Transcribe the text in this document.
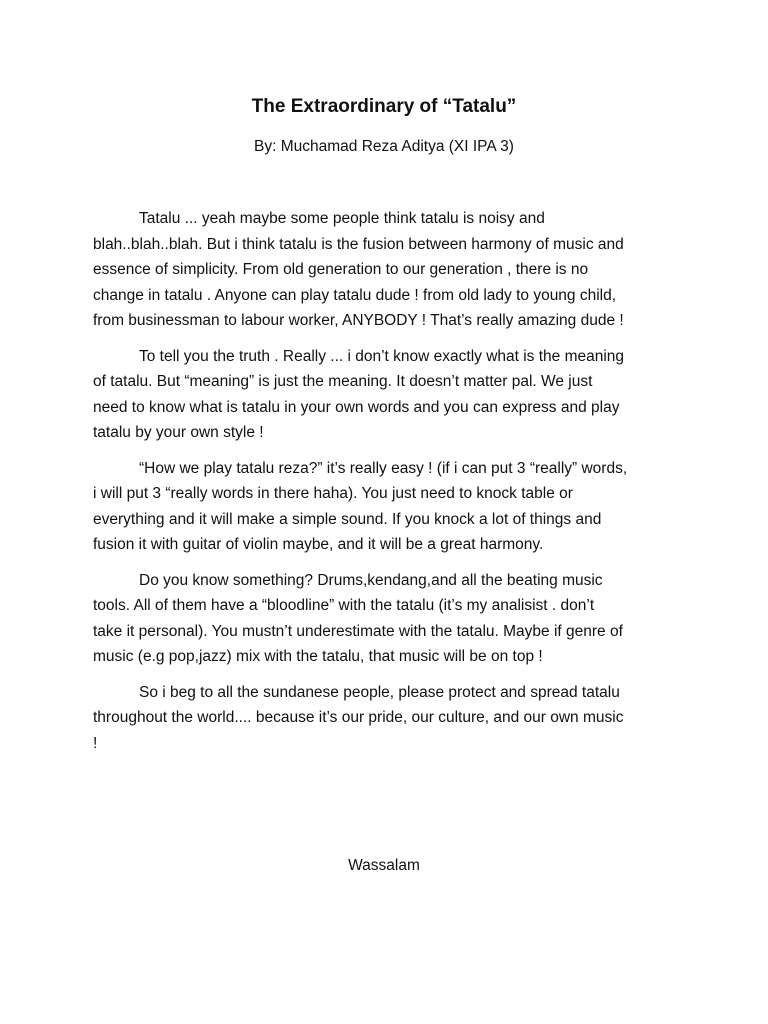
The Extraordinary of “Tatalu”
By: Muchamad Reza Aditya (XI IPA 3)

Tatalu ... yeah maybe some people think tatalu is noisy and
blah..blah..blah. But i think tatalu is the fusion between harmony of music and
essence of simplicity. From old generation to our generation , there is no
change in tatalu . Anyone can play tatalu dude ! from old lady to young child,
from businessman to labour worker, ANYBODY ! That’s really amazing dude !

To tell you the truth . Really ... i don’t know exactly what is the meaning
of tatalu. But “meaning” is just the meaning. It doesn’t matter pal. We just
need to know what is tatalu in your own words and you can express and play
tatalu by your own style !

“How we play tatalu reza?” it’s really easy ! (if i can put 3 “really” words,
i will put 3 “really words in there haha). You just need to knock table or
everything and it will make a simple sound. If you knock a lot of things and
fusion it with guitar of violin maybe, and it will be a great harmony.

Do you know something? Drums,kendang,and all the beating music
tools. All of them have a “bloodline” with the tatalu (it’s my analisist . don’t
take it personal). You mustn’t underestimate with the tatalu. Maybe if genre of
music (e.g pop,jazz) mix with the tatalu, that music will be on top !

So i beg to all the sundanese people, please protect and spread tatalu
throughout the world.... because it’s our pride, our culture, and our own music
!

Wassalam
